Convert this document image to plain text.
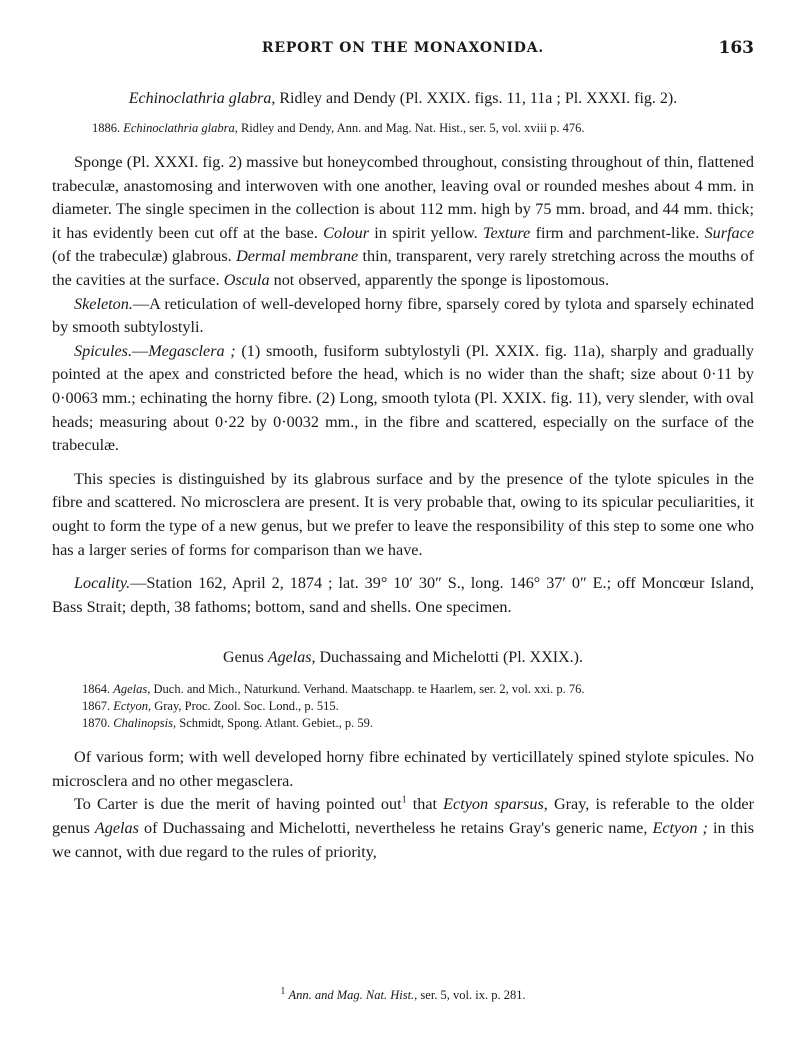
REPORT ON THE MONAXONIDA.	163
Echinoclathria glabra, Ridley and Dendy (Pl. XXIX. figs. 11, 11a ; Pl. XXXI. fig. 2).

1886. Echinoclathria glabra, Ridley and Dendy, Ann. and Mag. Nat. Hist., ser. 5, vol. xviii p. 476.

Sponge (Pl. XXXI. fig. 2) massive but honeycombed throughout, consisting throughout of thin, flattened trabeculæ, anastomosing and interwoven with one another, leaving oval or rounded meshes about 4 mm. in diameter. The single specimen in the collection is about 112 mm. high by 75 mm. broad, and 44 mm. thick; it has evidently been cut off at the base. Colour in spirit yellow. Texture firm and parchment-like. Surface (of the trabeculæ) glabrous. Dermal membrane thin, transparent, very rarely stretching across the mouths of the cavities at the surface. Oscula not observed, apparently the sponge is lipostomous.

Skeleton.—A reticulation of well-developed horny fibre, sparsely cored by tylota and sparsely echinated by smooth subtylostyli.

Spicules.—Megasclera ; (1) smooth, fusiform subtylostyli (Pl. XXIX. fig. 11a), sharply and gradually pointed at the apex and constricted before the head, which is no wider than the shaft; size about 0·11 by 0·0063 mm.; echinating the horny fibre. (2) Long, smooth tylota (Pl. XXIX. fig. 11), very slender, with oval heads; measuring about 0·22 by 0·0032 mm., in the fibre and scattered, especially on the surface of the trabeculæ.

This species is distinguished by its glabrous surface and by the presence of the tylote spicules in the fibre and scattered. No microsclera are present. It is very probable that, owing to its spicular peculiarities, it ought to form the type of a new genus, but we prefer to leave the responsibility of this step to some one who has a larger series of forms for comparison than we have.

Locality.—Station 162, April 2, 1874 ; lat. 39° 10′ 30″ S., long. 146° 37′ 0″ E.; off Moncœur Island, Bass Strait; depth, 38 fathoms; bottom, sand and shells. One specimen.

Genus Agelas, Duchassaing and Michelotti (Pl. XXIX.).

1864. Agelas, Duch. and Mich., Naturkund. Verhand. Maatschapp. te Haarlem, ser. 2, vol. xxi. p. 76.

1867. Ectyon, Gray, Proc. Zool. Soc. Lond., p. 515.

1870. Chalinopsis, Schmidt, Spong. Atlant. Gebiet., p. 59.

Of various form; with well developed horny fibre echinated by verticillately spined stylote spicules. No microsclera and no other megasclera.

To Carter is due the merit of having pointed out$^1$ that Ectyon sparsus, Gray, is referable to the older genus Agelas of Duchassaing and Michelotti, nevertheless he retains Gray's generic name, Ectyon ; in this we cannot, with due regard to the rules of priority,

$^1$ Ann. and Mag. Nat. Hist., ser. 5, vol. ix. p. 281.
